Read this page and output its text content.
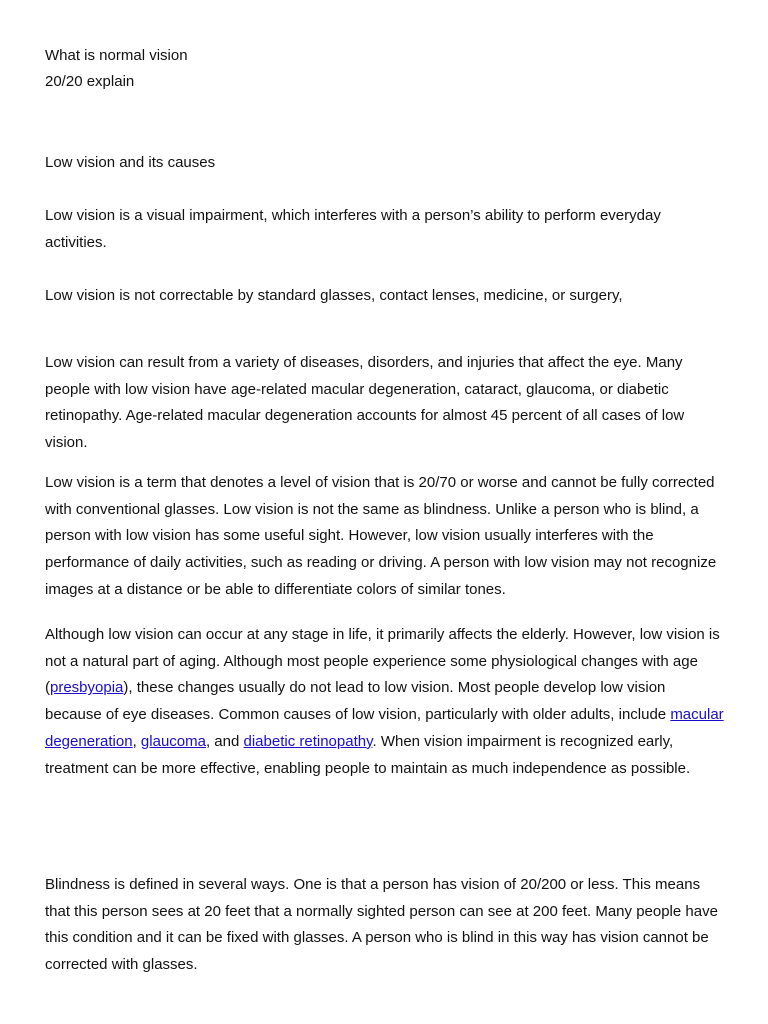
What is normal vision
20/20 explain
Low vision and its causes

Low vision is a visual impairment, which interferes with a person’s ability to perform everyday activities.

Low vision is not correctable by standard glasses, contact lenses, medicine, or surgery,

Low vision can result from a variety of diseases, disorders, and injuries that affect the eye. Many people with low vision have age-related macular degeneration, cataract, glaucoma, or diabetic retinopathy. Age-related macular degeneration accounts for almost 45 percent of all cases of low vision.

Low vision is a term that denotes a level of vision that is 20/70 or worse and cannot be fully corrected with conventional glasses. Low vision is not the same as blindness. Unlike a person who is blind, a person with low vision has some useful sight. However, low vision usually interferes with the performance of daily activities, such as reading or driving. A person with low vision may not recognize images at a distance or be able to differentiate colors of similar tones.

Although low vision can occur at any stage in life, it primarily affects the elderly. However, low vision is not a natural part of aging. Although most people experience some physiological changes with age (presbyopia), these changes usually do not lead to low vision. Most people develop low vision because of eye diseases. Common causes of low vision, particularly with older adults, include macular degeneration, glaucoma, and diabetic retinopathy. When vision impairment is recognized early, treatment can be more effective, enabling people to maintain as much independence as possible.

Blindness is defined in several ways. One is that a person has vision of 20/200 or less. This means that this person sees at 20 feet that a normally sighted person can see at 200 feet. Many people have this condition and it can be fixed with glasses. A person who is blind in this way has vision cannot be corrected with glasses.
